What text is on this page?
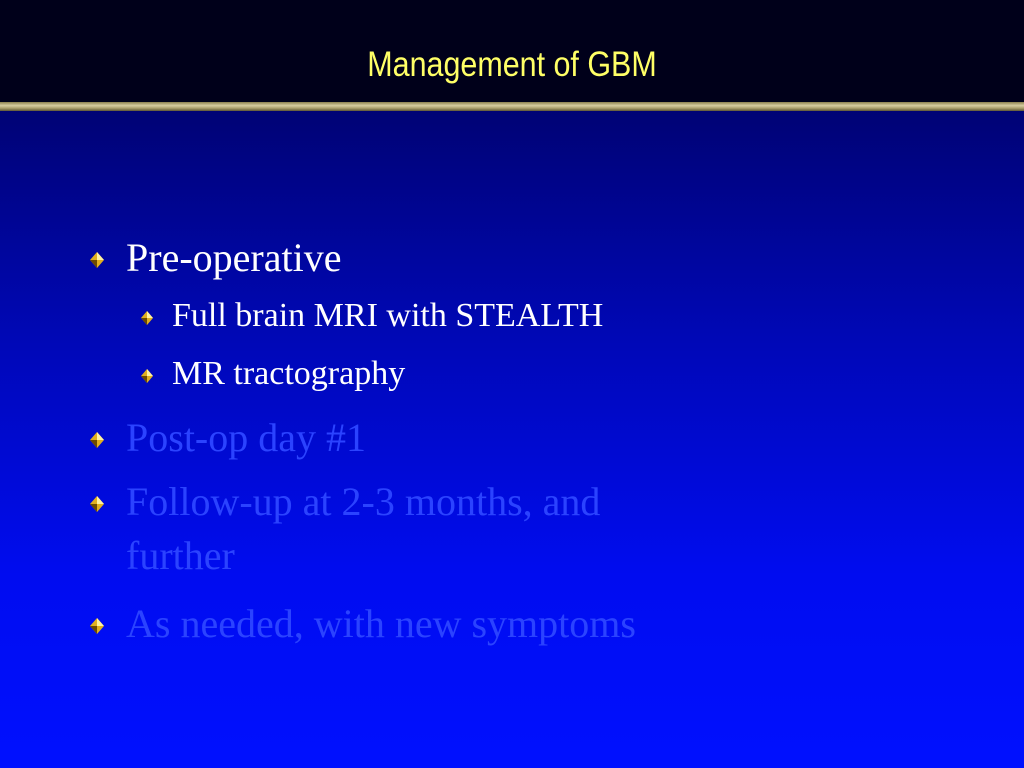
Management of GBM
Pre-operative
Full brain MRI with STEALTH
MR tractography
Post-op day #1
Follow-up at 2-3 months, and
further
As needed, with new symptoms
